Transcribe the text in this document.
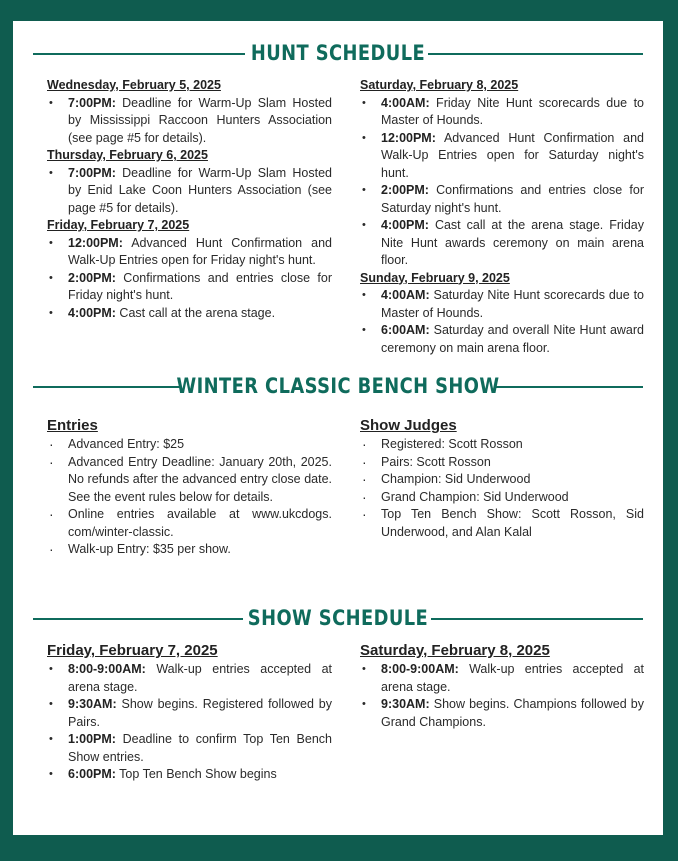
HUNT SCHEDULE
Wednesday, February 5, 2025
• 7:00PM: Deadline for Warm-Up Slam Hosted by Mississippi Raccoon Hunters Association (see page #5 for details).
Thursday, February 6, 2025
• 7:00PM: Deadline for Warm-Up Slam Hosted by Enid Lake Coon Hunters Association (see page #5 for details).
Friday, February 7, 2025
• 12:00PM: Advanced Hunt Confirmation and Walk-Up Entries open for Friday night's hunt.
• 2:00PM: Confirmations and entries close for Friday night's hunt.
• 4:00PM: Cast call at the arena stage.
Saturday, February 8, 2025
• 4:00AM: Friday Nite Hunt scorecards due to Master of Hounds.
• 12:00PM: Advanced Hunt Confirmation and Walk-Up Entries open for Saturday night's hunt.
• 2:00PM: Confirmations and entries close for Saturday night's hunt.
• 4:00PM: Cast call at the arena stage. Friday Nite Hunt awards ceremony on main arena floor.
Sunday, February 9, 2025
• 4:00AM: Saturday Nite Hunt scorecards due to Master of Hounds.
• 6:00AM: Saturday and overall Nite Hunt award ceremony on main arena floor.
WINTER CLASSIC BENCH SHOW
Entries
· Advanced Entry: $25
· Advanced Entry Deadline: January 20th, 2025. No refunds after the advanced entry close date. See the event rules below for details.
· Online entries available at www.ukcdogs. com/winter-classic.
· Walk-up Entry: $35 per show.
Show Judges
· Registered: Scott Rosson
· Pairs: Scott Rosson
· Champion: Sid Underwood
· Grand Champion: Sid Underwood
· Top Ten Bench Show: Scott Rosson, Sid Underwood, and Alan Kalal
SHOW SCHEDULE
Friday, February 7, 2025
• 8:00-9:00AM: Walk-up entries accepted at arena stage.
• 9:30AM: Show begins. Registered followed by Pairs.
• 1:00PM: Deadline to confirm Top Ten Bench Show entries.
• 6:00PM: Top Ten Bench Show begins
Saturday, February 8, 2025
• 8:00-9:00AM: Walk-up entries accepted at arena stage.
• 9:30AM: Show begins. Champions followed by Grand Champions.
